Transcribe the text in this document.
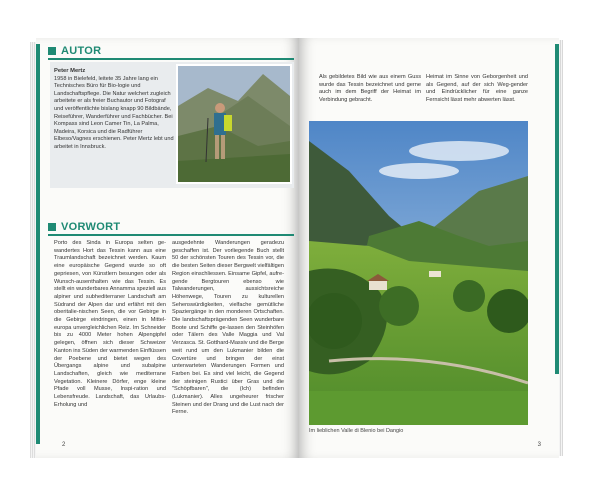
AUTOR
Peter Mertz
1958 in Bielefeld, leitete 35 Jahre lang ein Technisches Büro für Bio-logie und Landschaftspflege. Die Natur welchert zugleich arbeitete er als freier Buchautor und Fotograf und veröffentlichte bislang knapp 90 Bildbände, Reiseführer, Wanderführer und Fachbücher. Bei Kompass sind Leon Camer Tin, La Palma, Madeira, Korsica und die Radführer Elbeso/Vagnes erschienen. Peter Mertz lebt und arbeitet in Innsbruck.
VORWORT

Porto des Sinda in Europa selten ge-wandertes Hort das Tessin kann aus eine Traumlandschaft bezeichnet werden. Kaum eine europäische Gegend wurde so oft gepriesen, von Künstlern besungen oder als Wunsch-ausenthalten wie das Tessin. Es stellt ein wunderbares Annamma speziell aus alpiner und subhediterraner Landschaft am Südrand der Alpen dar und erfährt mit den oberitalie-nischen Seen, die vor Gebirge in die Gebirge eindringen, einen in Mittel-europa unvergleichlichen Reiz. Im Schneider bis zu 4000 Meter hohen Alpengipfel gelegen, öffnen sich dieser Schweizer Kanton ins Süden der warmenden Einflüssen der Poebene und bietet wegen des Übergangs alpine und subalpine Landschaften, gleich wie mediterrane Vegetation. Kleinere Dörfer, enge kleine Pfade voll Musse, Inspi-ration und Lebensfreude. Landschaft, das Urlaubs-Erholung und

ausgedehnte Wanderungen geradezu geschaffen ist. Der vorliegende Buch stellt 50 der schönsten Touren des Tessin vor, die die besten Seiten dieser Bergwelt vielfältigen Region einschliessen. Einsame Gipfel, aufre-gende Bergtouren ebenso wie Talwanderungen, aussichtsreiche Höhenwege, Touren zu kulturellen Sehenswürdigkeiten, vielfache gemütliche Spaziergänge in den monderen Ortschaften. Die landschaftsprägenden Seen wunderbare Boote und Schiffe ge-lassen den Steinhöfen oder Tälern des Valle Maggia und Val Verzasca. St. Gotthard-Massiv und die Berge weit rund um den Lukmanier bilden die Covertüre und bringen der einst unterwarteten Wanderungen Formen und Farben bei. Es sind viel leicht, die Gegend der steinigen Rustici über Gras und die "Schöpfbaren", die (Ich) befinden (Lukmanier). Alles ungeheurer frischer Steinen und der Drang und die Lust nach der Ferne.

2

Als gebildetes Bild wie aus einem Guss wurde das Tessin bezeichnet und gerne auch im dem Begriff der Heimat im Verbindung gebracht.

Heimat im Sinne von Geborgenheit und als Gegend, auf der sich Weg-gender und Eindrücklicher für eine ganze Fernsicht lässt mehr abwerten lässt.

Im lieblichen Valle di Blenio bei Dangio
3
